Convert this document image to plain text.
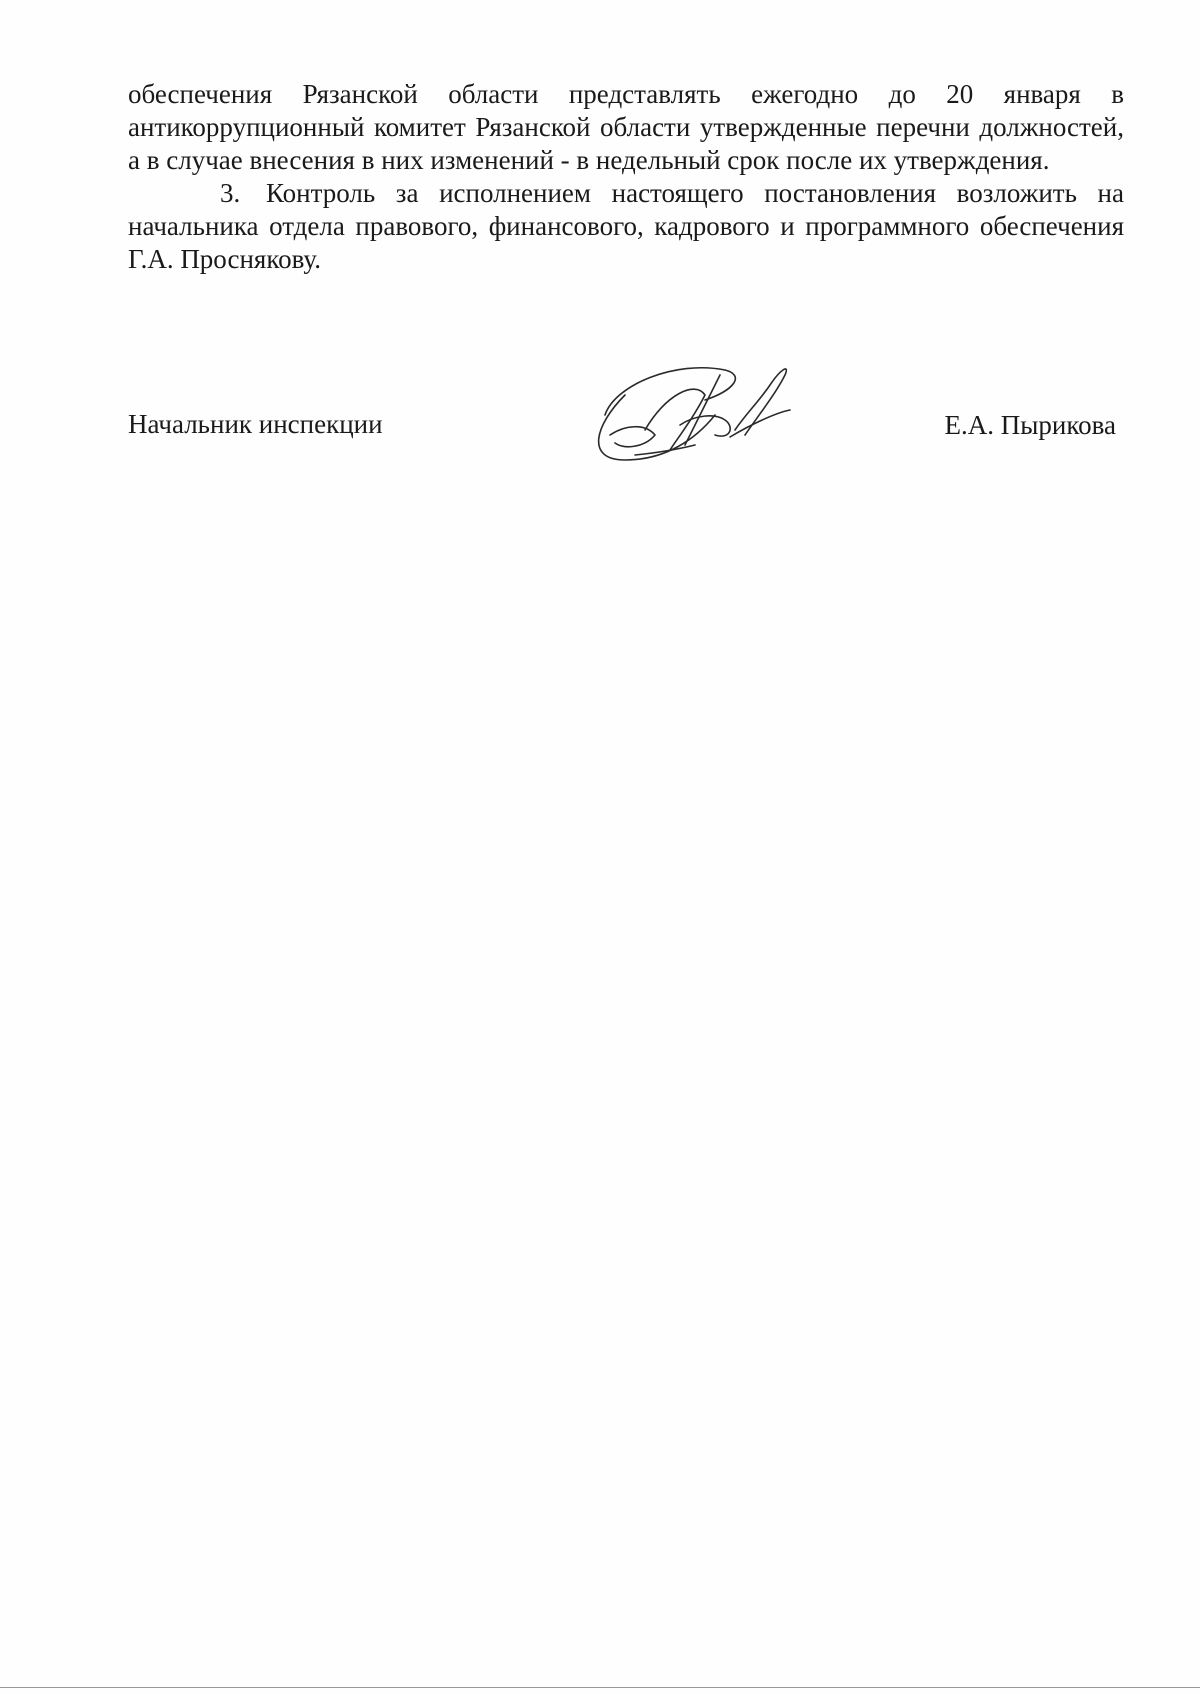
обеспечения Рязанской области представлять ежегодно до 20 января в антикоррупционный комитет Рязанской области утвержденные перечни должностей, а в случае внесения в них изменений - в недельный срок после их утверждения.

3. Контроль за исполнением настоящего постановления возложить на начальника отдела правового, финансового, кадрового и программного обеспечения Г.А. Проснякову.

Начальник инспекции	Е.А. Пырикова
